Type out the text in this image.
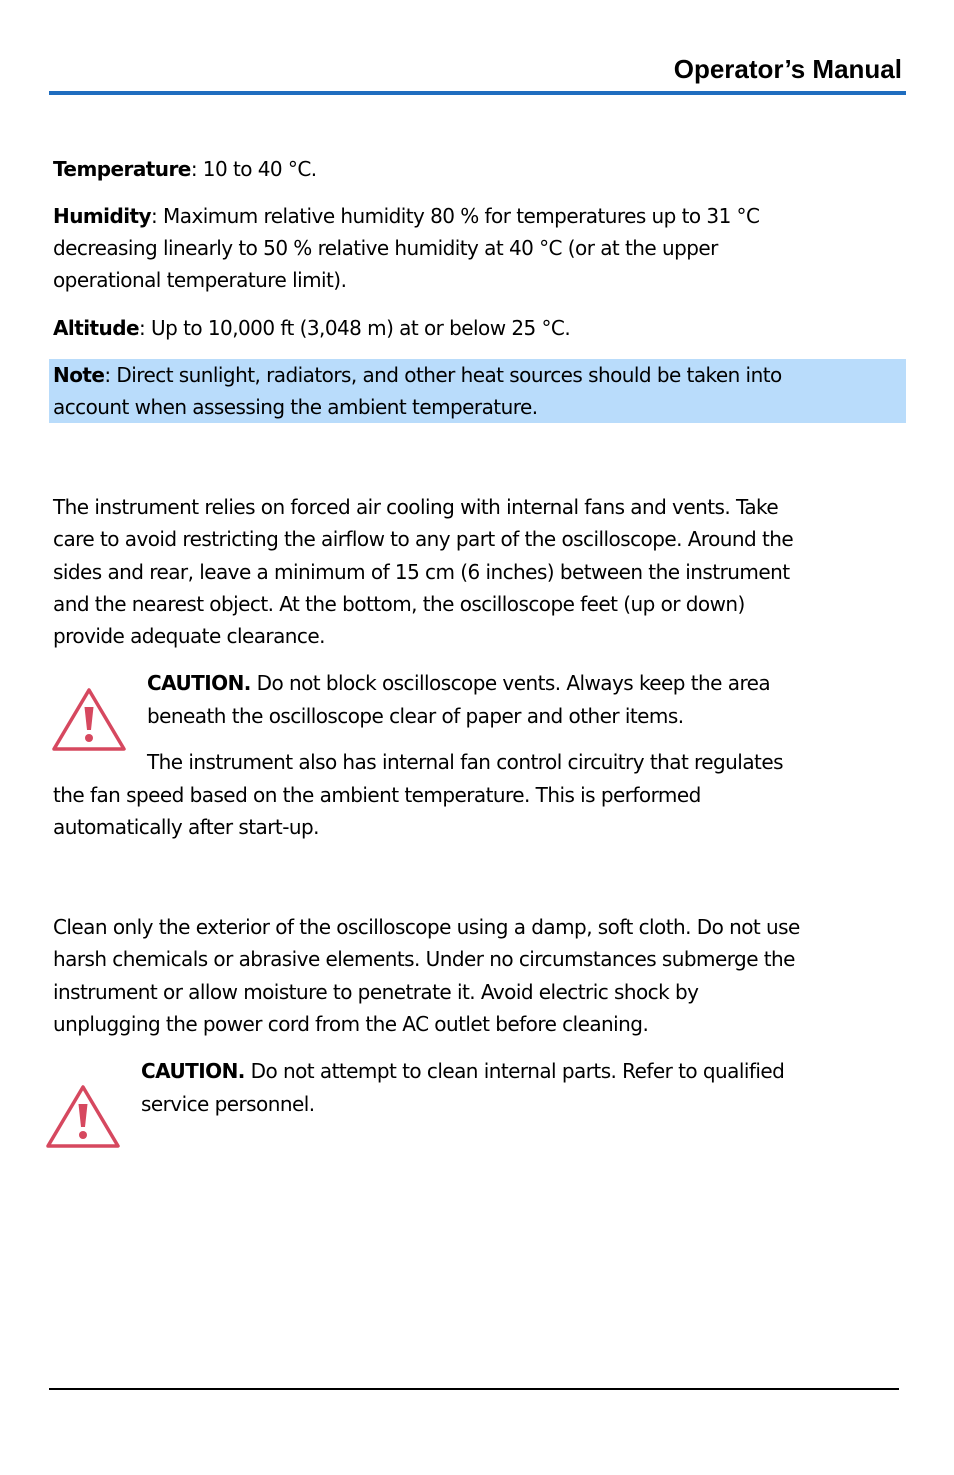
Operator’s Manual

Temperature: 10 to 40 °C.

Humidity: Maximum relative humidity 80 % for temperatures up to 31 °C

decreasing linearly to 50 % relative humidity at 40 °C (or at the upper

operational temperature limit).

Altitude: Up to 10,000 ft (3,048 m) at or below 25 °C.

Note: Direct sunlight, radiators, and other heat sources should be taken into

account when assessing the ambient temperature.

The instrument relies on forced air cooling with internal fans and vents. Take

care to avoid restricting the airflow to any part of the oscilloscope. Around the

sides and rear, leave a minimum of 15 cm (6 inches) between the instrument

and the nearest object. At the bottom, the oscilloscope feet (up or down)

provide adequate clearance.

CAUTION. Do not block oscilloscope vents. Always keep the area

beneath the oscilloscope clear of paper and other items.

The instrument also has internal fan control circuitry that regulates

the fan speed based on the ambient temperature. This is performed

automatically after start-up.

Clean only the exterior of the oscilloscope using a damp, soft cloth. Do not use

harsh chemicals or abrasive elements. Under no circumstances submerge the

instrument or allow moisture to penetrate it. Avoid electric shock by

unplugging the power cord from the AC outlet before cleaning.

CAUTION. Do not attempt to clean internal parts. Refer to qualified

service personnel.
